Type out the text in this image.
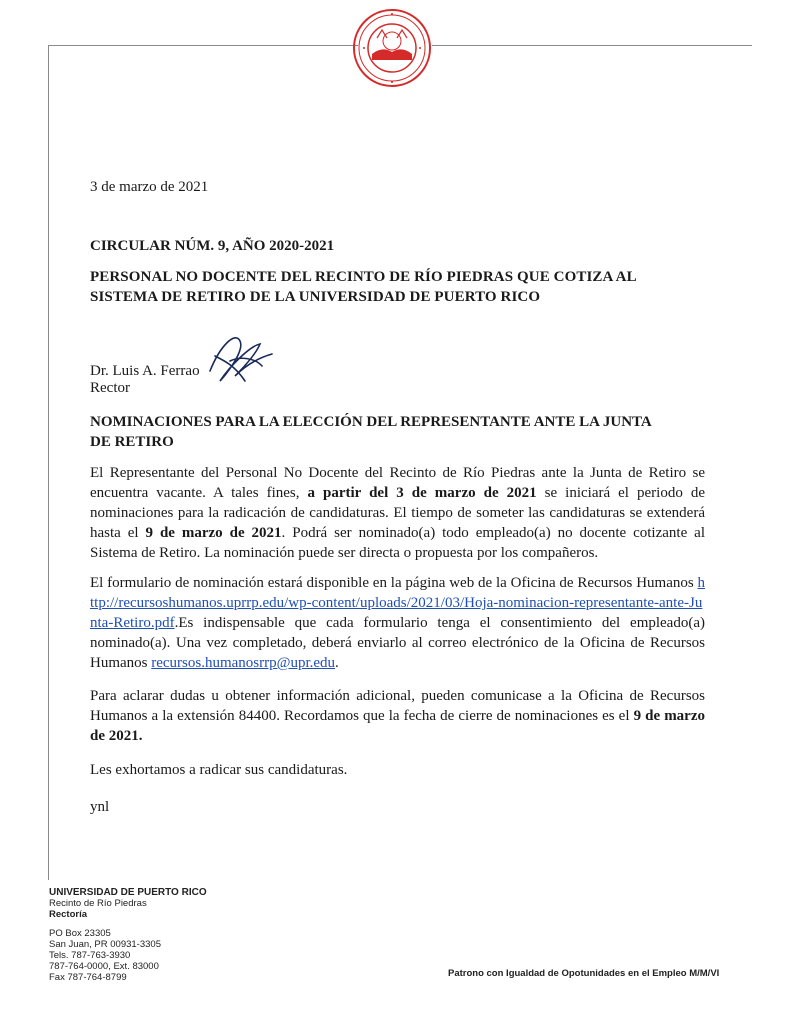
3 de marzo de 2021
CIRCULAR NÚM. 9, AÑO 2020-2021
PERSONAL NO DOCENTE DEL RECINTO DE RÍO PIEDRAS QUE COTIZA AL
SISTEMA DE RETIRO DE LA UNIVERSIDAD DE PUERTO RICO
Dr. Luis A. Ferrao
Rector
NOMINACIONES PARA LA ELECCIÓN DEL REPRESENTANTE ANTE LA JUNTA
DE RETIRO

El Representante del Personal No Docente del Recinto de Río Piedras ante la Junta de Retiro se encuentra vacante. A tales fines, a partir del 3 de marzo de 2021 se iniciará el periodo de nominaciones para la radicación de candidaturas. El tiempo de someter las candidaturas se extenderá hasta el 9 de marzo de 2021. Podrá ser nominado(a) todo empleado(a) no docente cotizante al Sistema de Retiro. La nominación puede ser directa o propuesta por los compañeros.

El formulario de nominación estará disponible en la página web de la Oficina de Recursos Humanos http://recursoshumanos.uprrp.edu/wp-content/uploads/2021/03/Hoja-nominacion-representante-ante-Junta-Retiro.pdf.Es indispensable que cada formulario tenga el consentimiento del empleado(a) nominado(a). Una vez completado, deberá enviarlo al correo electrónico de la Oficina de Recursos Humanos recursos.humanosrrp@upr.edu.

Para aclarar dudas u obtener información adicional, pueden comunicase a la Oficina de Recursos Humanos a la extensión 84400. Recordamos que la fecha de cierre de nominaciones es el 9 de marzo de 2021.

Les exhortamos a radicar sus candidaturas.
ynl
UNIVERSIDAD DE PUERTO RICO
Recinto de Río Piedras
Rectoría
PO Box 23305
San Juan, PR 00931-3305
Tels. 787-763-3930
787-764-0000, Ext. 83000
Fax 787-764-8799	Patrono con Igualdad de Opotunidades en el Empleo M/M/VI
